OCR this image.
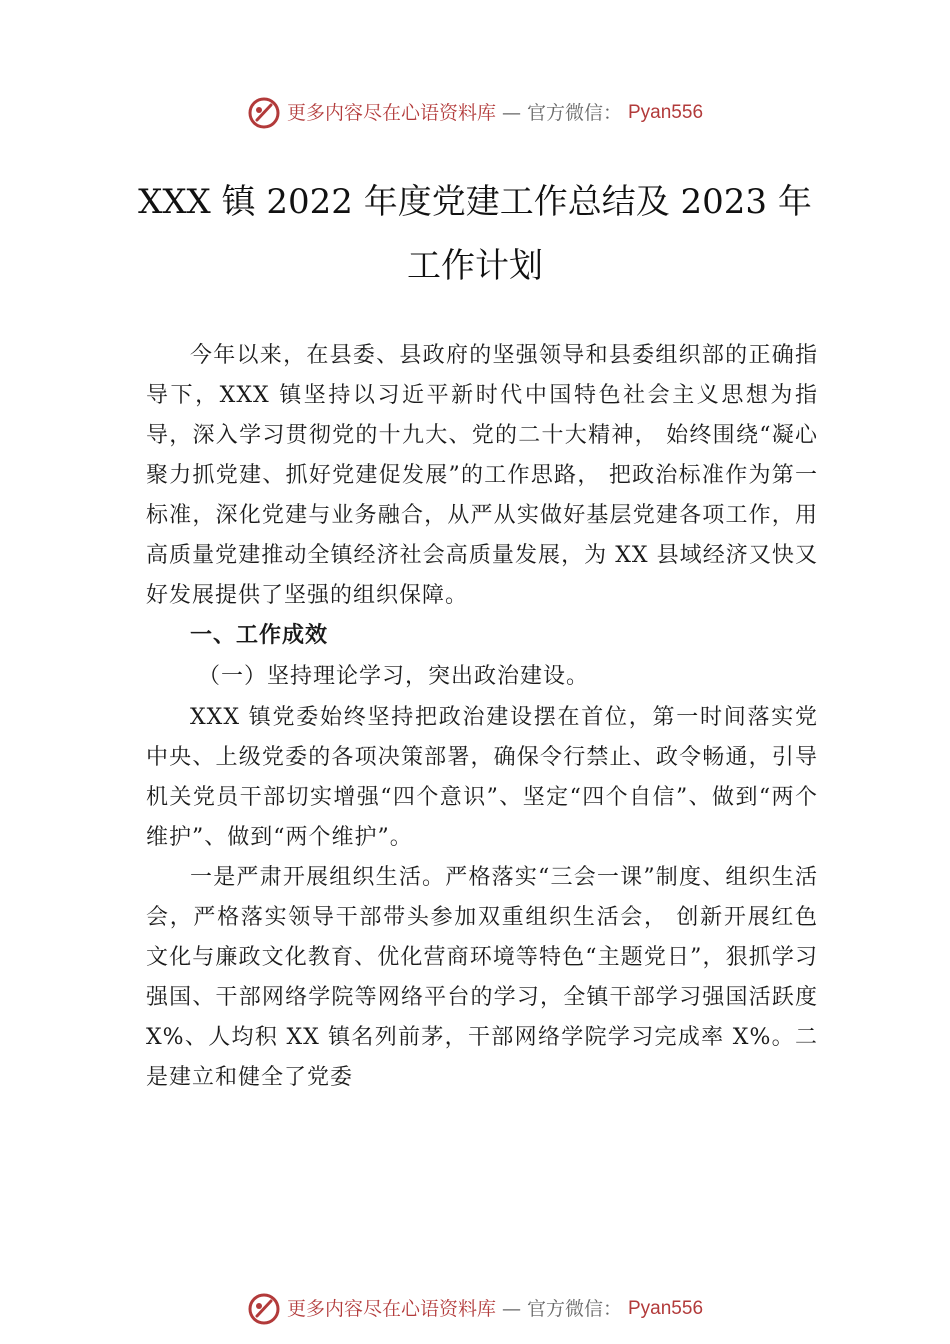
更多内容尽在心语资料库 — 官方微信： Pyan556
XXX 镇 2022 年度党建工作总结及 2023 年
工作计划

今年以来，在县委、县政府的坚强领导和县委组织部的正确指导下，XXX 镇坚持以习近平新时代中国特色社会主义思想为指导，深入学习贯彻党的十九大、党的二十大精神， 始终围绕“凝心聚力抓党建、抓好党建促发展”的工作思路， 把政治标准作为第一标准，深化党建与业务融合，从严从实做好基层党建各项工作，用高质量党建推动全镇经济社会高质量发展，为 XX 县域经济又快又好发展提供了坚强的组织保障。

一、工作成效
（一）坚持理论学习，突出政治建设。

XXX 镇党委始终坚持把政治建设摆在首位，第一时间落实党中央、上级党委的各项决策部署，确保令行禁止、政令畅通，引导机关党员干部切实增强“四个意识”、坚定“四个自信”、做到“两个维护”、做到“两个维护”。

一是严肃开展组织生活。严格落实“三会一课”制度、组织生活会，严格落实领导干部带头参加双重组织生活会， 创新开展红色文化与廉政文化教育、优化营商环境等特色“主题党日”，狠抓学习强国、干部网络学院等网络平台的学习，全镇干部学习强国活跃度 X%、人均积 XX 镇名列前茅，干部网络学院学习完成率 X%。二是建立和健全了党委

更多内容尽在心语资料库 — 官方微信： Pyan556
